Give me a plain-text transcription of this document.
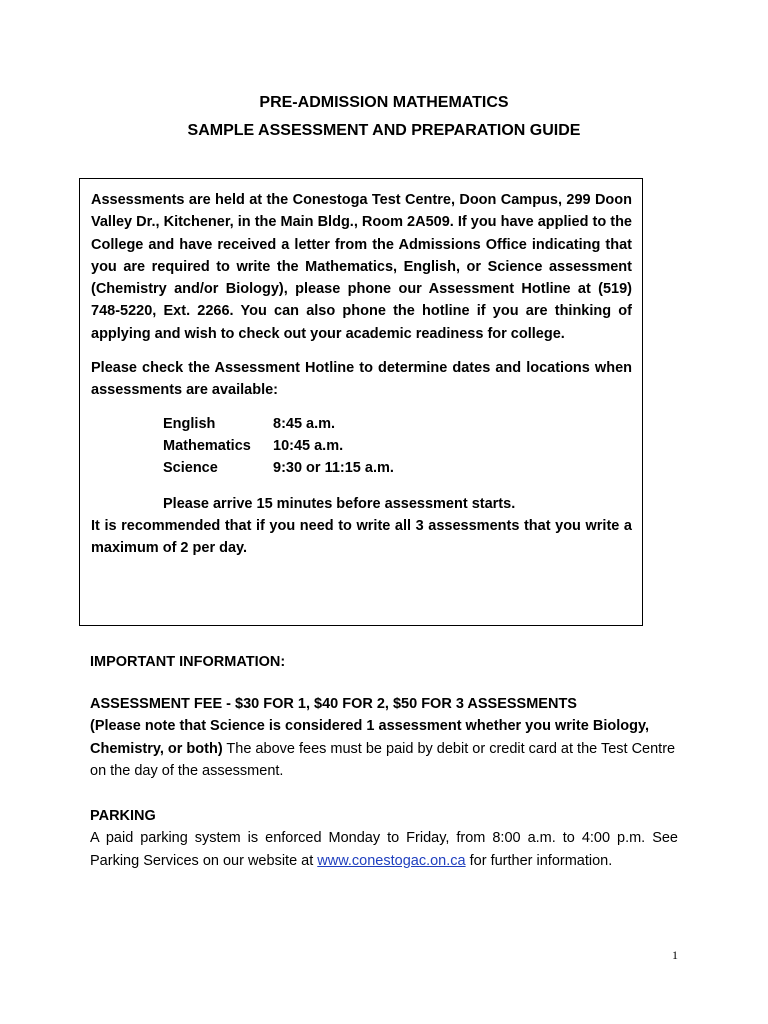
PRE-ADMISSION MATHEMATICS
SAMPLE ASSESSMENT AND PREPARATION GUIDE

Assessments are held at the Conestoga Test Centre, Doon Campus, 299 Doon Valley Dr., Kitchener, in the Main Bldg., Room 2A509. If you have applied to the College and have received a letter from the Admissions Office indicating that you are required to write the Mathematics, English, or Science assessment (Chemistry and/or Biology), please phone our Assessment Hotline at (519) 748-5220, Ext. 2266. You can also phone the hotline if you are thinking of applying and wish to check out your academic readiness for college.

Please check the Assessment Hotline to determine dates and locations when assessments are available:

English	8:45 a.m.
Mathematics	10:45 a.m.
Science	9:30 or 11:15 a.m.
Please arrive 15 minutes before assessment starts.

It is recommended that if you need to write all 3 assessments that you write a maximum of 2 per day.

IMPORTANT INFORMATION:
ASSESSMENT FEE - $30 FOR 1, $40 FOR 2, $50 FOR 3 ASSESSMENTS
(Please note that Science is considered 1 assessment whether you write Biology, Chemistry, or both) The above fees must be paid by debit or credit card at the Test Centre on the day of the assessment.
PARKING
A paid parking system is enforced Monday to Friday, from 8:00 a.m. to 4:00 p.m. See Parking Services on our website at www.conestogac.on.ca for further information.
1
